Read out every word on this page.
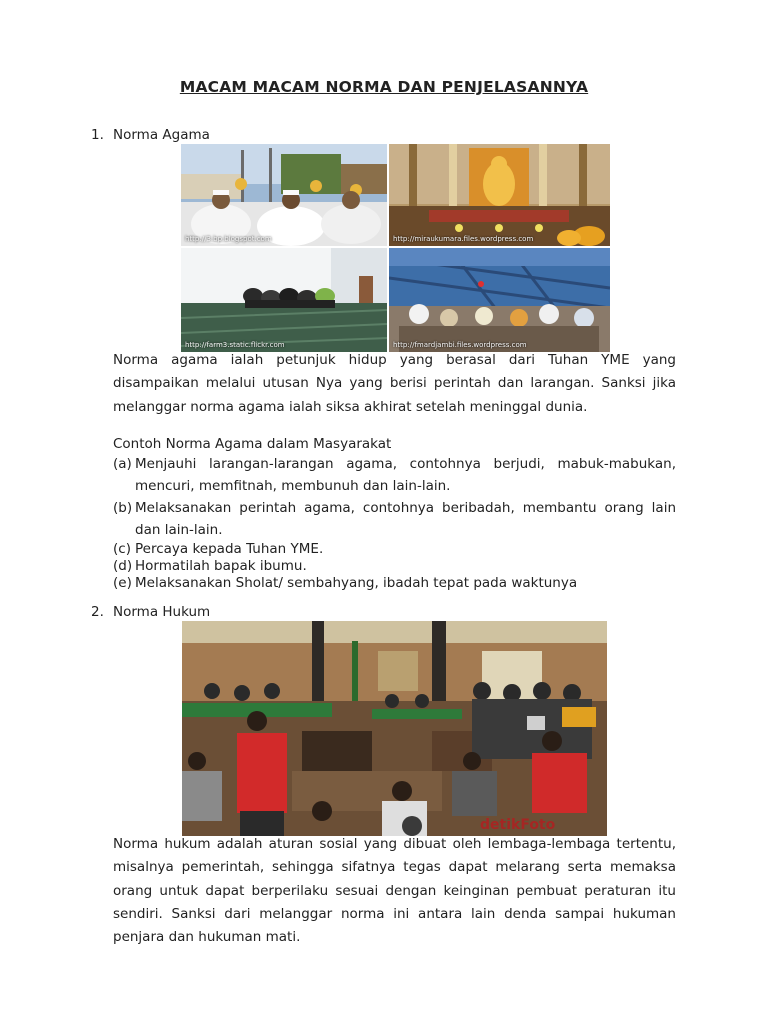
MACAM MACAM NORMA DAN PENJELASANNYA
1. Norma Agama
http://3.bp.blogspot.com	http://miraukumara.files.wordpress.com
http://farm3.static.flickr.com	http://fmardjambi.files.wordpress.com

Norma agama ialah petunjuk hidup yang berasal dari Tuhan YME yang disampaikan melalui utusan Nya yang berisi perintah dan larangan. Sanksi jika melanggar norma agama ialah siksa akhirat setelah meninggal dunia.

Contoh Norma Agama dalam Masyarakat
(a) Menjauhi larangan-larangan agama, contohnya berjudi, mabuk-mabukan, mencuri, memfitnah, membunuh dan lain-lain.
(b) Melaksanakan perintah agama, contohnya beribadah, membantu orang lain dan lain-lain.
(c) Percaya kepada Tuhan YME.
(d) Hormatilah bapak ibumu.
(e) Melaksanakan Sholat/ sembahyang, ibadah tepat pada waktunya
2. Norma Hukum
detikFoto

Norma hukum adalah aturan sosial yang dibuat oleh lembaga-lembaga tertentu, misalnya pemerintah, sehingga sifatnya tegas dapat melarang serta memaksa orang untuk dapat berperilaku sesuai dengan keinginan pembuat peraturan itu sendiri. Sanksi dari melanggar norma ini antara lain denda sampai hukuman penjara dan hukuman mati.
